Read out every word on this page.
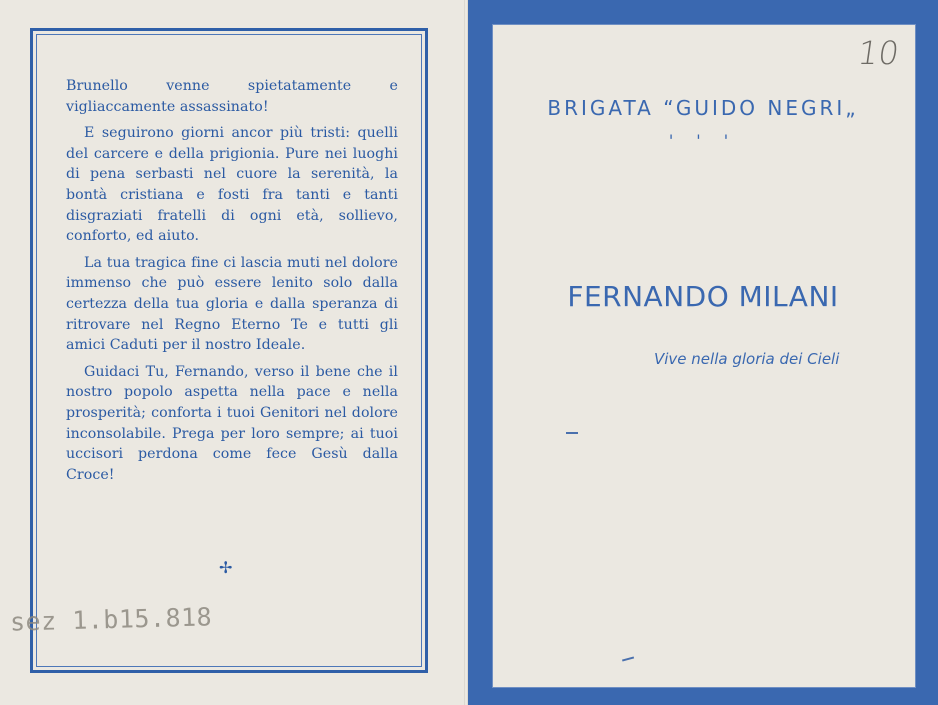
Brunello venne spietatamente e vigliaccamente assassinato!

E seguirono giorni ancor più tristi: quelli del carcere e della prigionia. Pure nei luoghi di pena serbasti nel cuore la serenità, la bontà cristiana e fosti fra tanti e tanti disgraziati fratelli di ogni età, sollievo, conforto, ed aiuto.

La tua tragica fine ci lascia muti nel dolore immenso che può essere lenito solo dalla certezza della tua gloria e dalla speranza di ritrovare nel Regno Eterno Te e tutti gli amici Caduti per il nostro Ideale.

Guidaci Tu, Fernando, verso il bene che il nostro popolo aspetta nella pace e nella prosperità; conforta i tuoi Genitori nel dolore inconsolabile. Prega per loro sempre; ai tuoi uccisori perdona come fece Gesù dalla Croce!

✢
sez 1.b15.818
10
BRIGATA “GUIDO NEGRI„
' ' '
FERNANDO MILANI
Vive nella gloria dei Cieli
